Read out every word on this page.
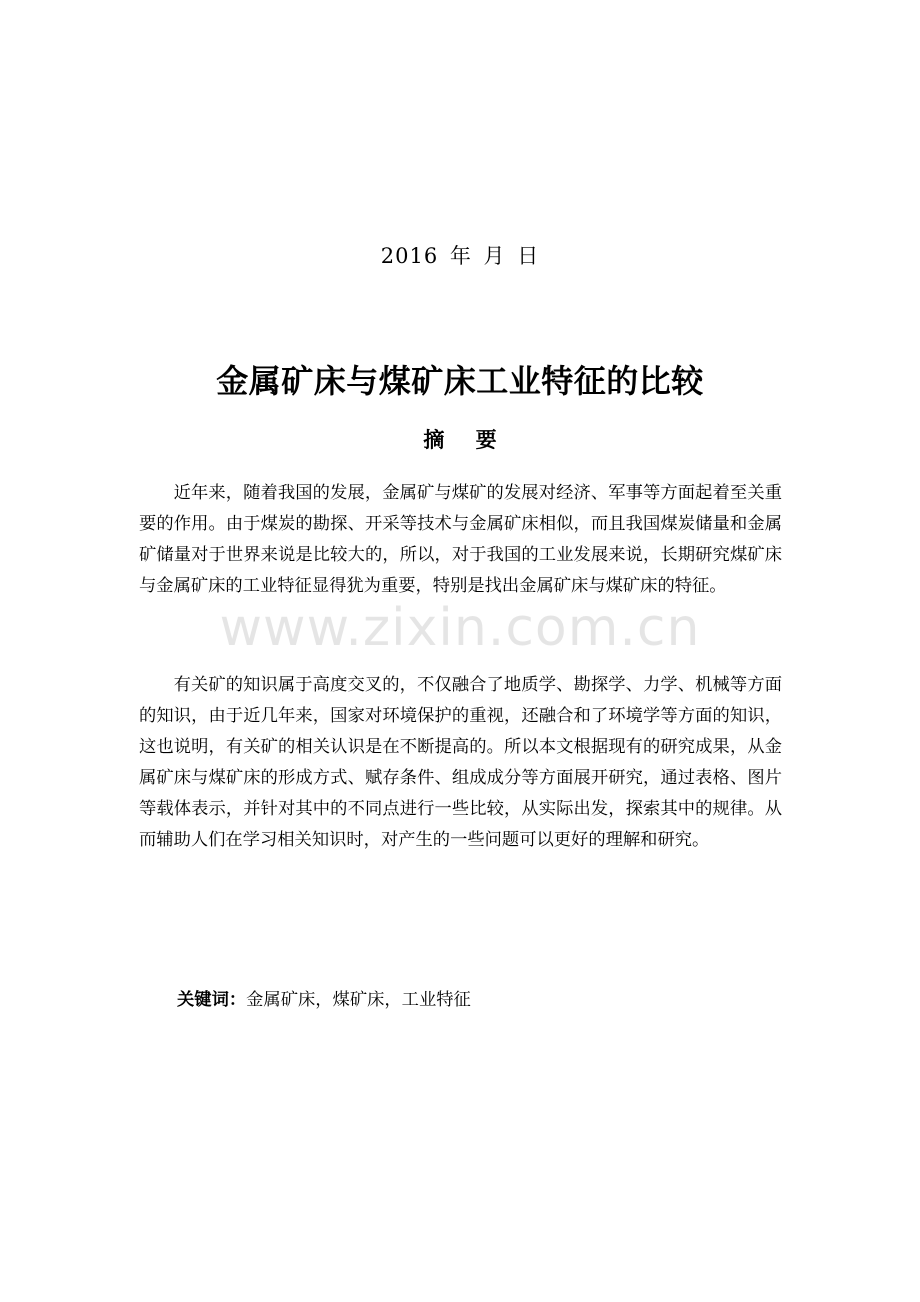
2016 年 月 日
金属矿床与煤矿床工业特征的比较
摘 要

近年来，随着我国的发展，金属矿与煤矿的发展对经济、军事等方面起着至关重要的作用。由于煤炭的勘探、开采等技术与金属矿床相似，而且我国煤炭储量和金属矿储量对于世界来说是比较大的，所以，对于我国的工业发展来说，长期研究煤矿床与金属矿床的工业特征显得犹为重要，特别是找出金属矿床与煤矿床的特征。

有关矿的知识属于高度交叉的，不仅融合了地质学、勘探学、力学、机械等方面的知识，由于近几年来，国家对环境保护的重视，还融合和了环境学等方面的知识，这也说明，有关矿的相关认识是在不断提高的。所以本文根据现有的研究成果，从金属矿床与煤矿床的形成方式、赋存条件、组成成分等方面展开研究，通过表格、图片等载体表示，并针对其中的不同点进行一些比较，从实际出发，探索其中的规律。从而辅助人们在学习相关知识时，对产生的一些问题可以更好的理解和研究。

关键词：金属矿床，煤矿床，工业特征
www.zixin.com.cn
